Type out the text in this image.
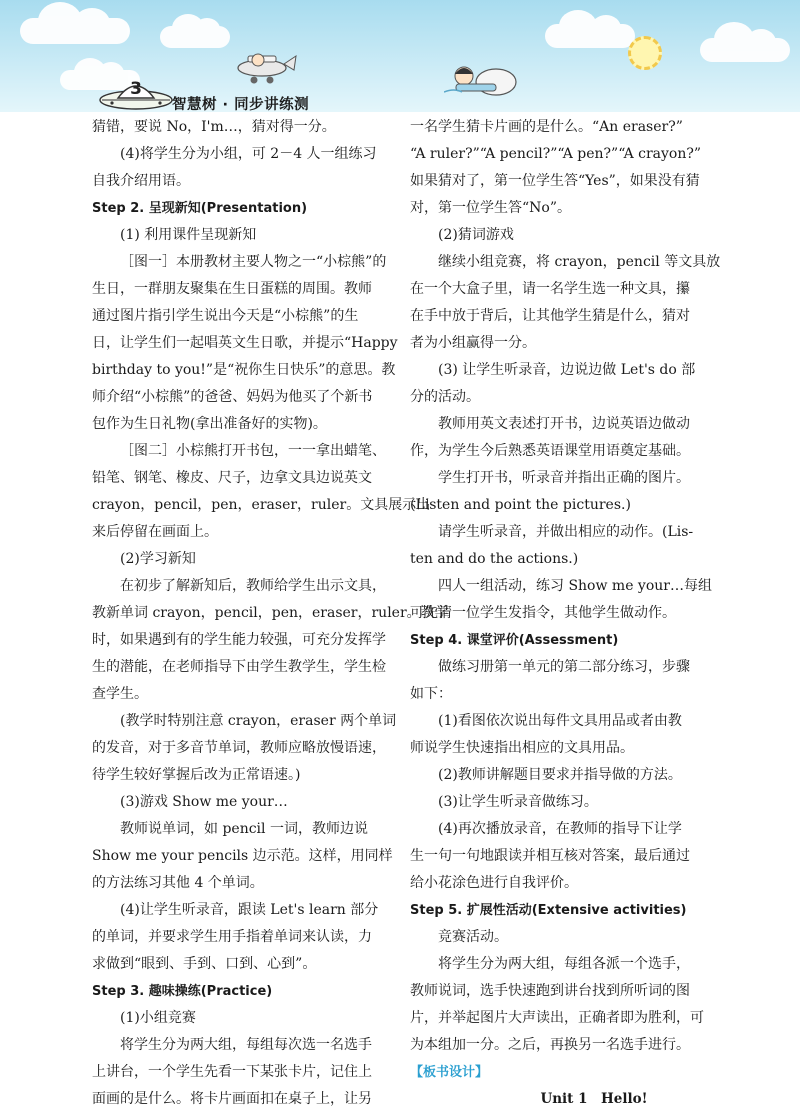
3
智慧树 · 同步讲练测

猜错，要说 No，I'm…，猜对得一分。

(4)将学生分为小组，可 2－4 人一组练习

自我介绍用语。

Step 2. 呈现新知(Presentation)

(1) 利用课件呈现新知

［图一］本册教材主要人物之一“小棕熊”的

生日，一群朋友聚集在生日蛋糕的周围。教师

通过图片指引学生说出今天是“小棕熊”的生

日，让学生们一起唱英文生日歌，并提示“Happy

birthday to you!”是“祝你生日快乐”的意思。教

师介绍“小棕熊”的爸爸、妈妈为他买了个新书

包作为生日礼物(拿出准备好的实物)。

［图二］小棕熊打开书包，一一拿出蜡笔、

铅笔、钢笔、橡皮、尺子，边拿文具边说英文

crayon，pencil，pen，eraser，ruler。文具展示出

来后停留在画面上。

(2)学习新知

在初步了解新知后，教师给学生出示文具，

教新单词 crayon，pencil，pen，eraser，ruler。教学

时，如果遇到有的学生能力较强，可充分发挥学

生的潜能，在老师指导下由学生教学生，学生检

查学生。

(教学时特别注意 crayon，eraser 两个单词

的发音，对于多音节单词，教师应略放慢语速，

待学生较好掌握后改为正常语速。)

(3)游戏 Show me your…

教师说单词，如 pencil 一词，教师边说

Show me your pencils 边示范。这样，用同样

的方法练习其他 4 个单词。

(4)让学生听录音，跟读 Let's learn 部分

的单词，并要求学生用手指着单词来认读，力

求做到“眼到、手到、口到、心到”。

Step 3. 趣味操练(Practice)

(1)小组竞赛

将学生分为两大组，每组每次选一名选手

上讲台，一个学生先看一下某张卡片，记住上

面画的是什么。将卡片画面扣在桌子上，让另

一名学生猜卡片画的是什么。“An eraser?”

“A ruler?”“A pencil?”“A pen?”“A crayon?”

如果猜对了，第一位学生答“Yes”，如果没有猜

对，第一位学生答“No”。

(2)猜词游戏

继续小组竞赛，将 crayon，pencil 等文具放

在一个大盒子里，请一名学生选一种文具，攥

在手中放于背后，让其他学生猜是什么，猜对

者为小组赢得一分。

(3) 让学生听录音，边说边做 Let's do 部

分的活动。

教师用英文表述打开书，边说英语边做动

作，为学生今后熟悉英语课堂用语奠定基础。

学生打开书，听录音并指出正确的图片。

(Listen and point the pictures.)

请学生听录音，并做出相应的动作。(Lis-

ten and do the actions.)

四人一组活动，练习 Show me your…每组

可先请一位学生发指令，其他学生做动作。

Step 4. 课堂评价(Assessment)

做练习册第一单元的第二部分练习，步骤

如下：

(1)看图依次说出每件文具用品或者由教

师说学生快速指出相应的文具用品。

(2)教师讲解题目要求并指导做的方法。

(3)让学生听录音做练习。

(4)再次播放录音，在教师的指导下让学

生一句一句地跟读并相互核对答案，最后通过

给小花涂色进行自我评价。

Step 5. 扩展性活动(Extensive activities)

竞赛活动。

将学生分为两大组，每组各派一个选手，

教师说词，选手快速跑到讲台找到所听词的图

片，并举起图片大声读出，正确者即为胜利，可

为本组加一分。之后，再换另一名选手进行。

【板书设计】

Unit 1　Hello!
